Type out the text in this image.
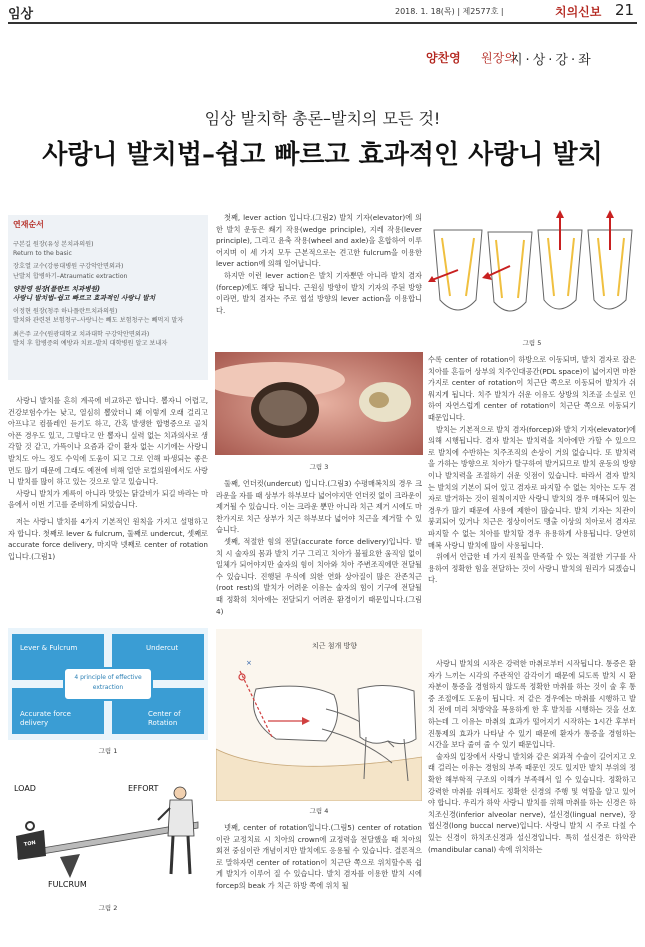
임상	2018. 1. 18(목) | 제2577호 |	치의신보 21
양찬영 원장의
지·상·강·좌
임상 발치학 총론–발치의 모든 것!
사랑니 발치법–쉽고 빠르고 효과적인 사랑니 발치
연재순서
구본길 원장(유성 본치과의원)
Return to the basic
장호열 교수(강릉대병원 구강악안면외과)
난발치 합병하기–Atraumatic extraction
양찬영 원장(플란트 치과병원)
사랑니 발치법–쉽고 빠르고 효과적인 사랑니 발치
이정현 원장(청주 하나플란트치과의원)
발치와 관련된 보험청구–사랑니는 빼도 보험청구는 빼먹지 말자
최은주 교수(원광대학교 치과대학 구강악안면외과)
발치 후 합병증의 예방과 치료–발치 대학병원 알고 보내자

사랑니 발치를 흔히 계곡에 비교하곤 합니다. 뽑자니 어렵고, 건강보험수가는 낮고, 열심히 뽑았더니 왜 이렇게 오래 걸리고 아프냐고 컴플레인 듣기도 하고, 간혹 발생한 합병증으로 골치 아픈 경우도 있고, 그렇다고 안 뽑자니 실력 없는 치과의사로 생각할 것 같고, 가뜩이나 요즘과 같이 환자 없는 시기에는 사랑니 발치도 아느 정도 수익에 도움이 되고 그로 인해 파생되는 좋은 면도 많기 때문에 그래도 예전에 비해 얼만 로컬의원에서도 사랑니 발치를 많이 하고 있는 것으로 알고 있습니다.

사랑니 발치가 계륵이 아니라 맛있는 닭갈비가 되길 바라는 마음에서 이번 기고를 준비하게 되었습니다.

저는 사랑니 발치를 4가지 기본적인 원칙을 가지고 설명하고자 합니다. 첫째로 lever & fulcrum, 둘째로 undercut, 셋째로 accurate force delivery, 마지막 넷째로 center of rotation입니다.(그림1)

Lever & Fulcrum	Undercut
Accurate force delivery
Center of Rotation
4 principle of effective extraction
그림 1
LOAD	EFFORT
TON
FULCRUM
그림 2

첫째, lever action 입니다.(그림2) 발치 기자(elevator)에 의한 발치 운동은 쐐기 작용(wedge principle), 지레 작용(lever principle), 그리고 윤축 작용(wheel and axle)을 혼합하여 이루어지며 이 세 가지 모두 근본적으로는 견고한 fulcrum을 이용한 lever action에 의해 일어납니다.

하지만 이런 lever action은 발치 기자뿐만 아니라 발치 겸자(forcep)에도 해당 됩니다. 근원심 방향이 발치 기자의 주된 방향이라면, 발치 겸자는 주로 협설 방향의 lever action을 이용합니다.

그림 3

둘째, 언더컷(undercut) 입니다.(그림3) 수평매복치의 경우 크라운을 자를 때 상부가 하부보다 넓어야지만 언더컷 없이 크라운이 제거될 수 있습니다. 이는 크라운 뿐만 아니라 치근 제거 시에도 마찬가지로 치근 상부가 치근 하부보다 넓어야 치근을 제거할 수 있습니다.

셋째, 적절한 힘의 전달(accurate force delivery)입니다. 발치 시 술자의 몸과 발치 기구 그리고 치아가 불필요한 움직임 없이 일체가 되어야지만 술자의 힘이 치아와 치아 주변조직에만 전달될 수 있습니다. 진행된 우식에 의한 연화 상아질이 많은 잔존치근(root rest)의 발치가 어려운 이유는 술자의 힘이 기구에 전달될 때 정확히 치아에는 전달되기 어려운 환경이기 때문입니다.(그림4)

×
치근 첨개 방향
그림 4

넷째, center of rotation입니다.(그림5) center of rotation이란 교정치료 시 치아의 crown에 교정력을 전달했을 때 치아의 회전 중심이란 개념이지만 발치에도 응용될 수 있습니다. 결론적으로 말하자면 center of rotation이 치근단 쪽으로 위치할수록 쉽게 발치가 이루어 질 수 있습니다. 발치 겸자를 이용한 발치 시에 forcep의 beak 가 치근 하방 쪽에 위치 될

그림 5

수록 center of rotation이 하방으로 이동되며, 발치 겸자로 잡은 치아를 흔들어 상부의 치주인대공간(PDL space)이 넓어지면 마찬가지로 center of rotation이 치근단 쪽으로 이동되어 발치가 쉬워지게 됩니다. 치주 발치가 쉬운 이유도 상방의 치조골 소실로 인하여 자연스럽게 center of rotation이 치근단 쪽으로 이동되기 때문입니다.

발치는 기본적으로 발치 겸자(forcep)와 발치 기자(elevator)에 의해 시행됩니다. 겸자 발치는 발치력을 치아에만 가할 수 있으므로 발치에 수반하는 치주조직의 손상이 거의 없습니다. 또 발치력을 가하는 방향으로 치아가 탈구하여 발거되므로 발치 운동의 방향이나 발치력을 조절하기 쉬운 잇점이 있습니다. 따라서 겸자 발치는 발치의 기본이 되어 있고 겸자로 파지할 수 없는 치아는 도두 겸자로 발거하는 것이 원칙이지만 사랑니 발치의 경우 매복되어 있는 경우가 많기 때문에 사용에 제한이 많습니다. 발치 기자는 치관이 붕괴되어 있거나 치근은 정상이어도 맹출 이상의 치아로서 겸자로 파지할 수 없는 치아를 발치할 경우 유용하게 사용됩니다. 당연히 매복 사랑니 발치에 많이 사용됩니다.

위에서 언급한 네 가지 원칙을 만족할 수 있는 적절한 기구를 사용하여 정확한 힘을 전달하는 것이 사랑니 발치의 원리가 되겠습니다.

사랑니 발치의 시작은 강력한 마취로부터 시작됩니다. 통증은 환자가 느끼는 시각의 주관적인 감각이기 때문에 되도록 발치 시 환자분이 통증을 경험하지 않도록 정확한 마취를 하는 것이 술 후 통증 조절에도 도움이 됩니다. 저 같은 경우에는 마취를 시행하고 발치 전에 미리 처방약을 복용하게 한 후 발치를 시행하는 것을 선호하는데 그 이유는 마취의 효과가 떨어지기 시작하는 1시간 후부터 진통제의 효과가 나타날 수 있기 때문에 환자가 통증을 경험하는 시간을 보다 줄여 줄 수 있기 때문입니다.

술자의 입장에서 사랑니 발치와 같은 외과적 수술이 길어지고 오래 걸리는 이유는 경험의 부족 때문인 것도 있지만 발치 부위의 정확한 해부학적 구조의 이해가 부족해서 일 수 있습니다. 정확하고 강력한 마취를 위해서도 정확한 신경의 주행 및 역할을 알고 있어야 합니다. 우리가 하악 사랑니 발치를 위해 마취를 하는 신경은 하치조신경(inferior alveolar nerve), 설신경(lingual nerve), 장협신경(long buccal nerve)입니다. 사랑니 발치 시 주로 다칠 수 있는 신경이 하치조신경과 설신경입니다. 특히 설신경은 하악관(mandibular canal) 속에 위치하는
